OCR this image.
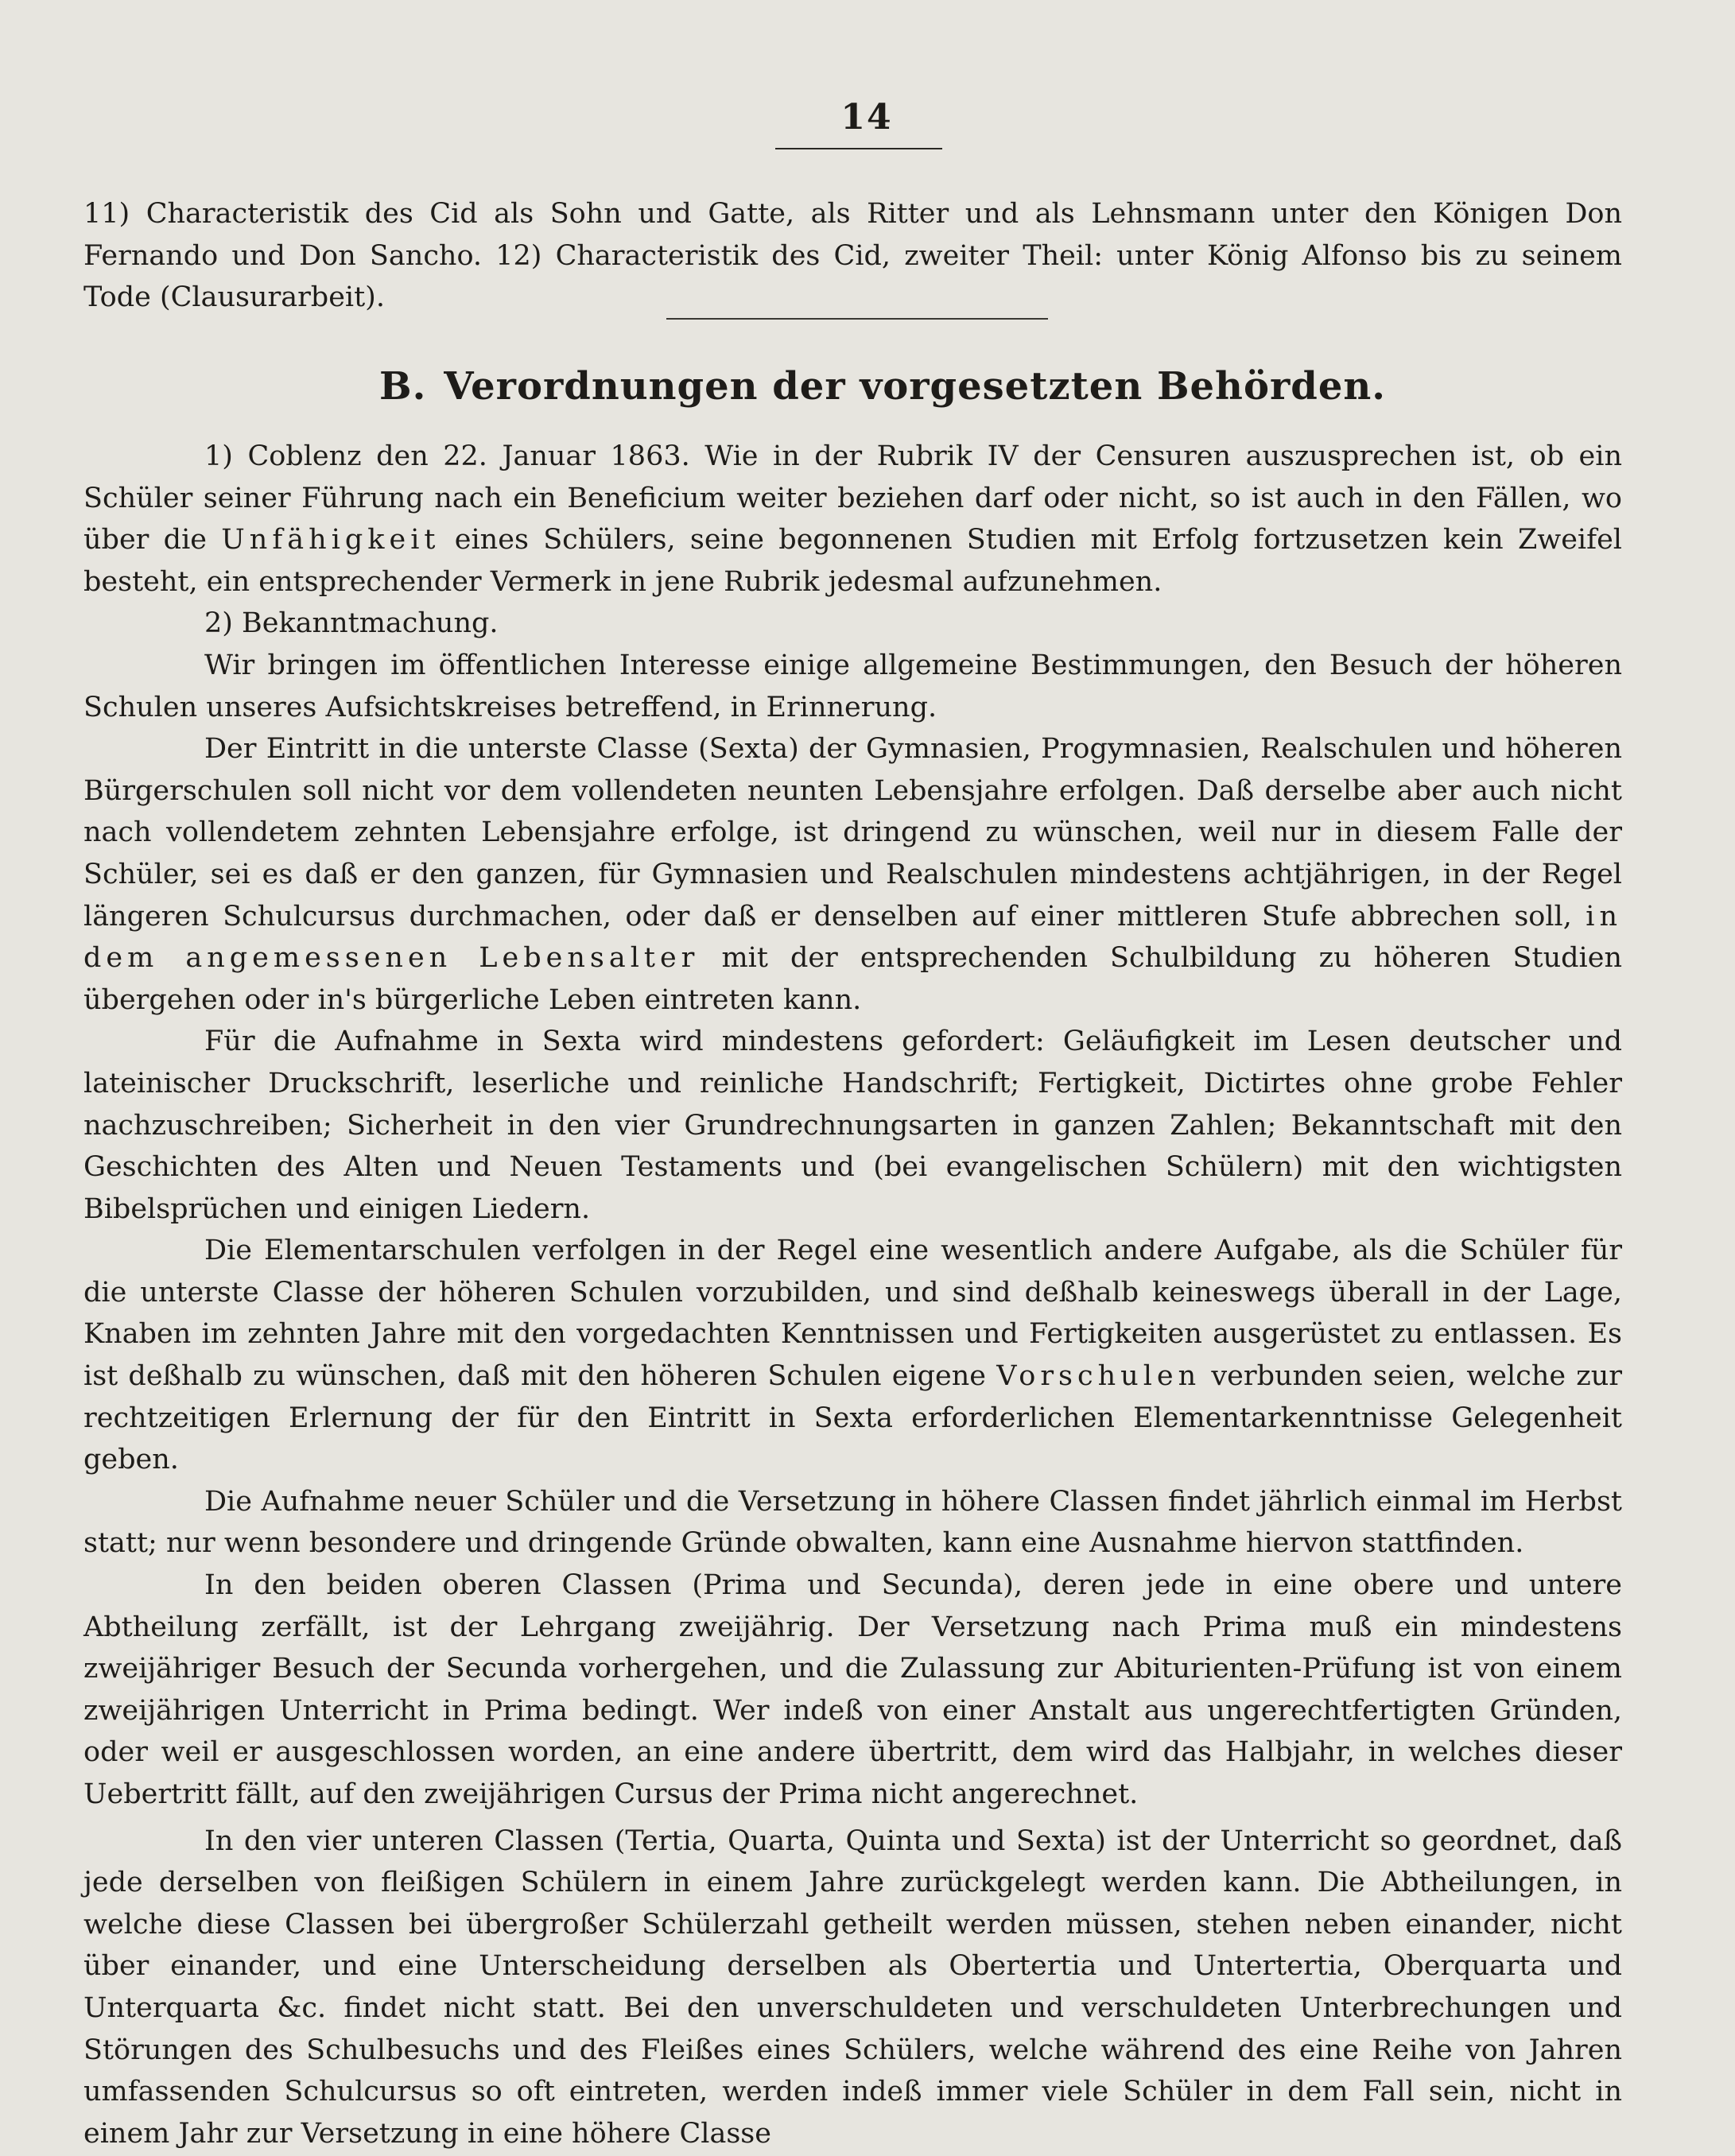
14

11) Characteristik des Cid als Sohn und Gatte, als Ritter und als Lehnsmann unter den Königen Don Fernando und Don Sancho. 12) Characteristik des Cid, zweiter Theil: unter König Alfonso bis zu seinem Tode (Clausurarbeit).

B. Verordnungen der vorgesetzten Behörden.

1) Coblenz den 22. Januar 1863. Wie in der Rubrik IV der Censuren auszusprechen ist, ob ein Schüler seiner Führung nach ein Beneficium weiter beziehen darf oder nicht, so ist auch in den Fällen, wo über die Unfähigkeit eines Schülers, seine begonnenen Studien mit Erfolg fortzusetzen kein Zweifel besteht, ein entsprechender Vermerk in jene Rubrik jedesmal aufzunehmen.

2) Bekanntmachung.

Wir bringen im öffentlichen Interesse einige allgemeine Bestimmungen, den Besuch der höheren Schulen unseres Aufsichtskreises betreffend, in Erinnerung.

Der Eintritt in die unterste Classe (Sexta) der Gymnasien, Progymnasien, Realschulen und höheren Bürgerschulen soll nicht vor dem vollendeten neunten Lebensjahre erfolgen. Daß derselbe aber auch nicht nach vollendetem zehnten Lebensjahre erfolge, ist dringend zu wünschen, weil nur in diesem Falle der Schüler, sei es daß er den ganzen, für Gymnasien und Realschulen mindestens achtjährigen, in der Regel längeren Schulcursus durchmachen, oder daß er denselben auf einer mittleren Stufe abbrechen soll, in dem angemessenen Lebensalter mit der entsprechenden Schulbildung zu höheren Studien übergehen oder in's bürgerliche Leben eintreten kann.

Für die Aufnahme in Sexta wird mindestens gefordert: Geläufigkeit im Lesen deutscher und lateinischer Druckschrift, leserliche und reinliche Handschrift; Fertigkeit, Dictirtes ohne grobe Fehler nachzuschreiben; Sicherheit in den vier Grundrechnungsarten in ganzen Zahlen; Bekanntschaft mit den Geschichten des Alten und Neuen Testaments und (bei evangelischen Schülern) mit den wichtigsten Bibelsprüchen und einigen Liedern.

Die Elementarschulen verfolgen in der Regel eine wesentlich andere Aufgabe, als die Schüler für die unterste Classe der höheren Schulen vorzubilden, und sind deßhalb keineswegs überall in der Lage, Knaben im zehnten Jahre mit den vorgedachten Kenntnissen und Fertigkeiten ausgerüstet zu entlassen. Es ist deßhalb zu wünschen, daß mit den höheren Schulen eigene Vorschulen verbunden seien, welche zur rechtzeitigen Erlernung der für den Eintritt in Sexta erforderlichen Elementarkenntnisse Gelegenheit geben.

Die Aufnahme neuer Schüler und die Versetzung in höhere Classen findet jährlich einmal im Herbst statt; nur wenn besondere und dringende Gründe obwalten, kann eine Ausnahme hiervon stattfinden.

In den beiden oberen Classen (Prima und Secunda), deren jede in eine obere und untere Abtheilung zerfällt, ist der Lehrgang zweijährig. Der Versetzung nach Prima muß ein mindestens zweijähriger Besuch der Secunda vorhergehen, und die Zulassung zur Abiturienten-Prüfung ist von einem zweijährigen Unterricht in Prima bedingt. Wer indeß von einer Anstalt aus ungerechtfertigten Gründen, oder weil er ausgeschlossen worden, an eine andere übertritt, dem wird das Halbjahr, in welches dieser Uebertritt fällt, auf den zweijährigen Cursus der Prima nicht angerechnet.

In den vier unteren Classen (Tertia, Quarta, Quinta und Sexta) ist der Unterricht so geordnet, daß jede derselben von fleißigen Schülern in einem Jahre zurückgelegt werden kann. Die Abtheilungen, in welche diese Classen bei übergroßer Schülerzahl getheilt werden müssen, stehen neben einander, nicht über einander, und eine Unterscheidung derselben als Obertertia und Untertertia, Oberquarta und Unterquarta &c. findet nicht statt. Bei den unverschuldeten und verschuldeten Unterbrechungen und Störungen des Schulbesuchs und des Fleißes eines Schülers, welche während des eine Reihe von Jahren umfassenden Schulcursus so oft eintreten, werden indeß immer viele Schüler in dem Fall sein, nicht in einem Jahr zur Versetzung in eine höhere Classe
